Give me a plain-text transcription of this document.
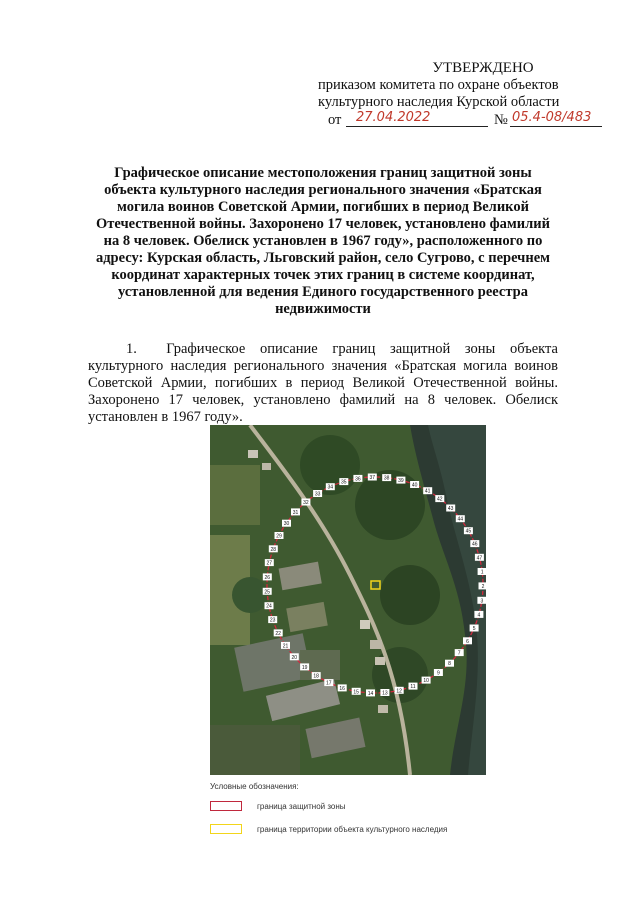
УТВЕРЖДЕНО
приказом комитета по охране объектов
культурного наследия Курской области
от 27.04.2022	№ 05.4-08/483
Графическое описание местоположения границ защитной зоны объекта культурного наследия регионального значения «Братская могила воинов Советской Армии, погибших в период Великой Отечественной войны. Захоронено 17 человек, установлено фамилий на 8 человек. Обелиск установлен в 1967 году», расположенного по адресу: Курская область, Льговский район, село Сугрово, с перечнем координат характерных точек этих границ в системе координат, установленной для ведения Единого государственного реестра недвижимости
1.  Графическое описание границ защитной зоны объекта культурного наследия регионального значения «Братская могила воинов Советской Армии, погибших в период Великой Отечественной войны. Захоронено 17 человек, установлено фамилий на 8 человек. Обелиск установлен в 1967 году».
1
2
3
4
5
6
7
8
9
10
11
12
13
14
15
16
17
18
19
20
21
22
23
24
25
26
27
28
29
30
31
32
33
34
35
36 37 38 39
40
41
42
43
44
45
46
47
Условные обозначения:
граница защитной зоны
граница территории объекта культурного наследия
